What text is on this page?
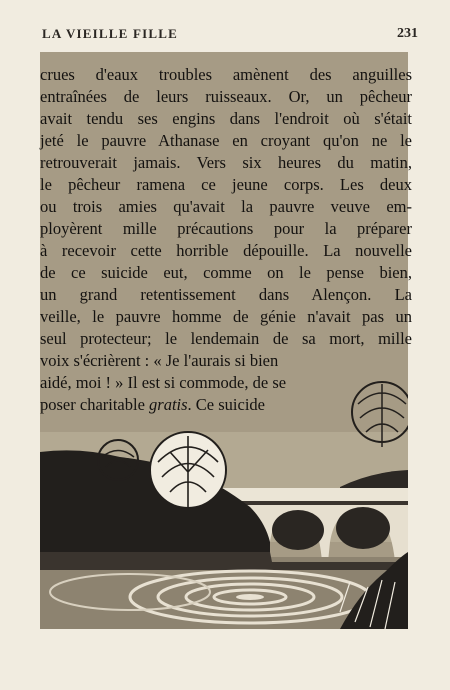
LA VIEILLE FILLE	231
crues d'eaux troubles amènent des anguilles
entraînées de leurs ruisseaux. Or, un pêcheur
avait tendu ses engins dans l'endroit où s'était
jeté le pauvre Athanase en croyant qu'on ne le
retrouverait jamais. Vers six heures du matin,
le pêcheur ramena ce jeune corps. Les deux
ou trois amies qu'avait la pauvre veuve em-
ployèrent mille précautions pour la préparer
à recevoir cette horrible dépouille. La nouvelle
de ce suicide eut, comme on le pense bien,
un grand retentissement dans Alençon. La
veille, le pauvre homme de génie n'avait pas un
seul protecteur; le lendemain de sa mort, mille
voix s'écrièrent : « Je l'aurais si bien
aidé, moi ! » Il est si commode, de se
poser charitable gratis. Ce suicide
